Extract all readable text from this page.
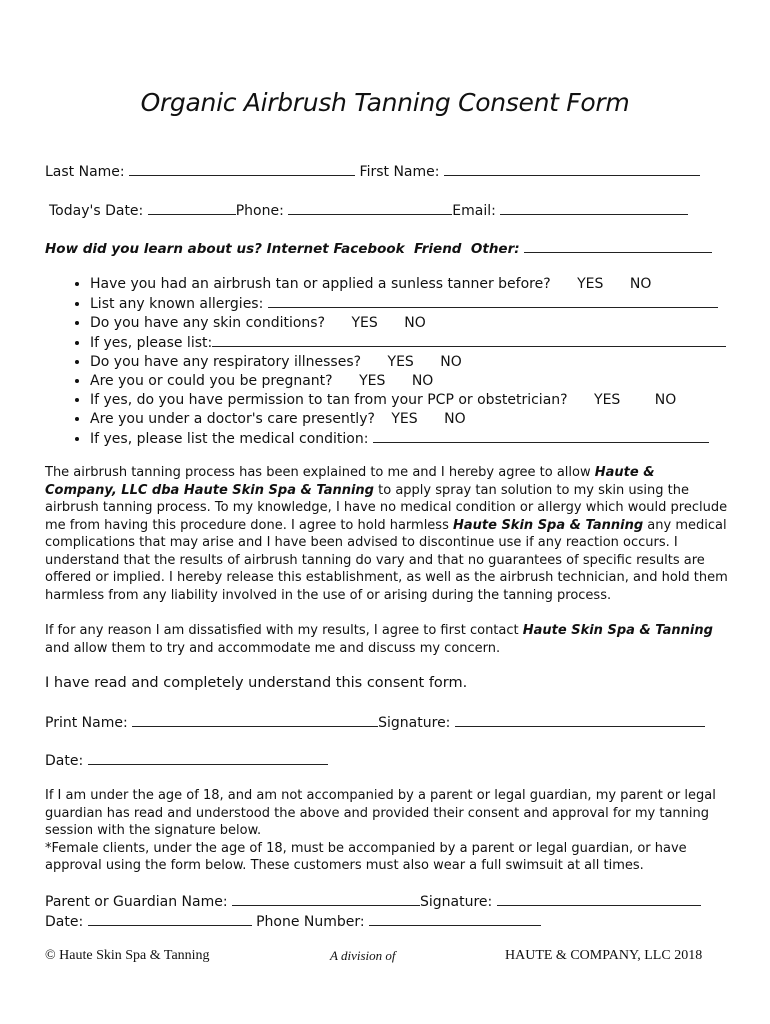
Organic Airbrush Tanning Consent Form
Last Name:	First Name:
Today's Date:	Phone:	Email:
How did you learn about us? Internet Facebook Friend Other:
• Have you had an airbrush tan or applied a sunless tanner before? YES NO
• List any known allergies:
• Do you have any skin conditions? YES NO
• If yes, please list:
• Do you have any respiratory illnesses? YES NO
• Are you or could you be pregnant? YES NO
• If yes, do you have permission to tan from your PCP or obstetrician? YES NO
• Are you under a doctor's care presently? YES NO
• If yes, please list the medical condition:
The airbrush tanning process has been explained to me and I hereby agree to allow Haute & Company, LLC dba Haute Skin Spa & Tanning to apply spray tan solution to my skin using the airbrush tanning process. To my knowledge, I have no medical condition or allergy which would preclude me from having this procedure done. I agree to hold harmless Haute Skin Spa & Tanning any medical complications that may arise and I have been advised to discontinue use if any reaction occurs. I understand that the results of airbrush tanning do vary and that no guarantees of specific results are offered or implied. I hereby release this establishment, as well as the airbrush technician, and hold them harmless from any liability involved in the use of or arising during the tanning process.
If for any reason I am dissatisfied with my results, I agree to first contact Haute Skin Spa & Tanning and allow them to try and accommodate me and discuss my concern.
I have read and completely understand this consent form.
Print Name:	Signature:
Date:
If I am under the age of 18, and am not accompanied by a parent or legal guardian, my parent or legal guardian has read and understood the above and provided their consent and approval for my tanning session with the signature below.
*Female clients, under the age of 18, must be accompanied by a parent or legal guardian, or have approval using the form below. These customers must also wear a full swimsuit at all times.
Parent or Guardian Name:	Signature:
Date:	Phone Number:
© Haute Skin Spa & Tanning	A division of	HAUTE & COMPANY, LLC 2018
